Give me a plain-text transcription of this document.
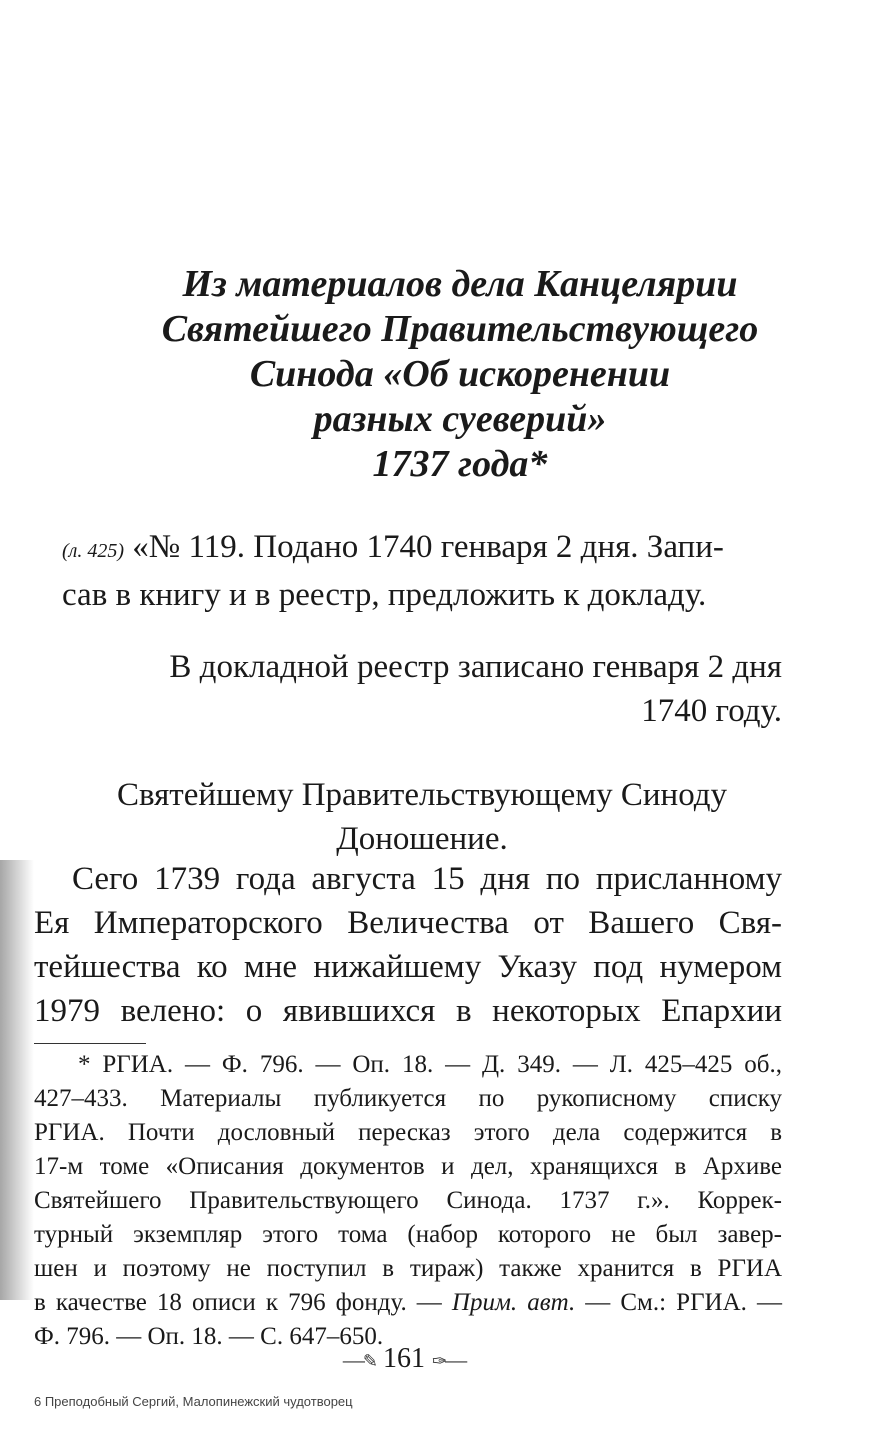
Из материалов дела Канцелярии
Святейшего Правительствующего
Синода «Об искоренении
разных суеверий»
1737 года*
(л. 425) «№ 119. Подано 1740 генваря 2 дня. Запи-
сав в книгу и в реестр, предложить к докладу.
В докладной реестр записано генваря 2 дня
1740 году.
Святейшему Правительствующему Синоду
Доношение.
Сего 1739 года августа 15 дня по присланному
Ея Императорского Величества от Вашего Свя-
тейшества ко мне нижайшему Указу под нумером
1979 велено: о явившихся в некоторых Епархии
* РГИА. — Ф. 796. — Оп. 18. — Д. 349. — Л. 425–425 об.,
427–433. Материалы публикуется по рукописному списку
РГИА. Почти дословный пересказ этого дела содержится в
17-м томе «Описания документов и дел, хранящихся в Архиве
Святейшего Правительствующего Синода. 1737 г.». Коррек-
турный экземпляр этого тома (набор которого не был завер-
шен и поэтому не поступил в тираж) также хранится в РГИА
в качестве 18 описи к 796 фонду. — Прим. авт. — См.: РГИА. —
Ф. 796. — Оп. 18. — С. 647–650.
—✎ 161 ✑—
6 Преподобный Сергий, Малопинежский чудотворец
